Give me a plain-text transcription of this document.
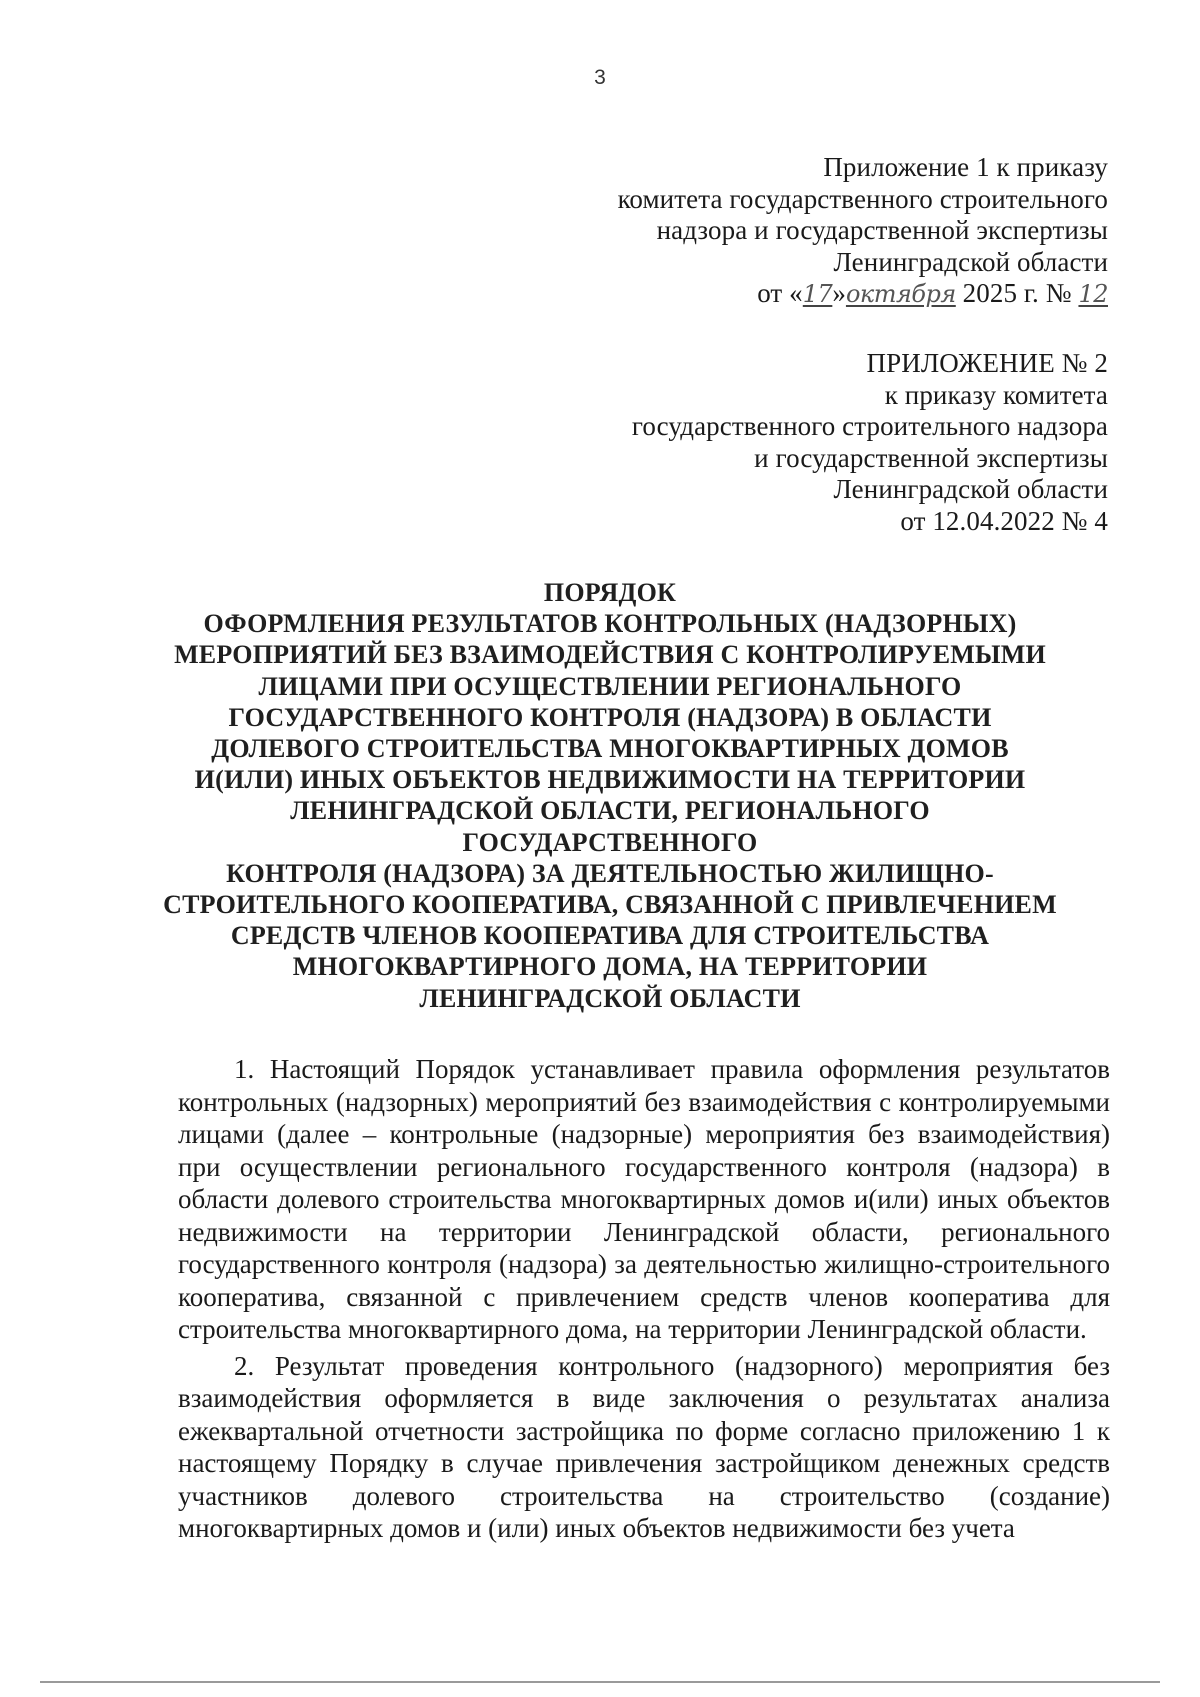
3
Приложение 1 к приказу
комитета государственного строительного
надзора и государственной экспертизы
Ленинградской области
от «17»октября 2025 г. № 12
ПРИЛОЖЕНИЕ № 2
к приказу комитета
государственного строительного надзора
и государственной экспертизы
Ленинградской области
от 12.04.2022 № 4
ПОРЯДОК
ОФОРМЛЕНИЯ РЕЗУЛЬТАТОВ КОНТРОЛЬНЫХ (НАДЗОРНЫХ)
МЕРОПРИЯТИЙ БЕЗ ВЗАИМОДЕЙСТВИЯ С КОНТРОЛИРУЕМЫМИ
ЛИЦАМИ ПРИ ОСУЩЕСТВЛЕНИИ РЕГИОНАЛЬНОГО
ГОСУДАРСТВЕННОГО КОНТРОЛЯ (НАДЗОРА) В ОБЛАСТИ
ДОЛЕВОГО СТРОИТЕЛЬСТВА МНОГОКВАРТИРНЫХ ДОМОВ
И(ИЛИ) ИНЫХ ОБЪЕКТОВ НЕДВИЖИМОСТИ НА ТЕРРИТОРИИ
ЛЕНИНГРАДСКОЙ ОБЛАСТИ, РЕГИОНАЛЬНОГО
ГОСУДАРСТВЕННОГО
КОНТРОЛЯ (НАДЗОРА) ЗА ДЕЯТЕЛЬНОСТЬЮ ЖИЛИЩНО-
СТРОИТЕЛЬНОГО КООПЕРАТИВА, СВЯЗАННОЙ С ПРИВЛЕЧЕНИЕМ
СРЕДСТВ ЧЛЕНОВ КООПЕРАТИВА ДЛЯ СТРОИТЕЛЬСТВА
МНОГОКВАРТИРНОГО ДОМА, НА ТЕРРИТОРИИ
ЛЕНИНГРАДСКОЙ ОБЛАСТИ

1. Настоящий Порядок устанавливает правила оформления результатов контрольных (надзорных) мероприятий без взаимодействия с контролируемыми лицами (далее – контрольные (надзорные) мероприятия без взаимодействия) при осуществлении регионального государственного контроля (надзора) в области долевого строительства многоквартирных домов и(или) иных объектов недвижимости на территории Ленинградской области, регионального государственного контроля (надзора) за деятельностью жилищно-строительного кооператива, связанной с привлечением средств членов кооператива для строительства многоквартирного дома, на территории Ленинградской области.

2. Результат проведения контрольного (надзорного) мероприятия без взаимодействия оформляется в виде заключения о результатах анализа ежеквартальной отчетности застройщика по форме согласно приложению 1 к настоящему Порядку в случае привлечения застройщиком денежных средств участников долевого строительства на строительство (создание) многоквартирных домов и (или) иных объектов недвижимости без учета
